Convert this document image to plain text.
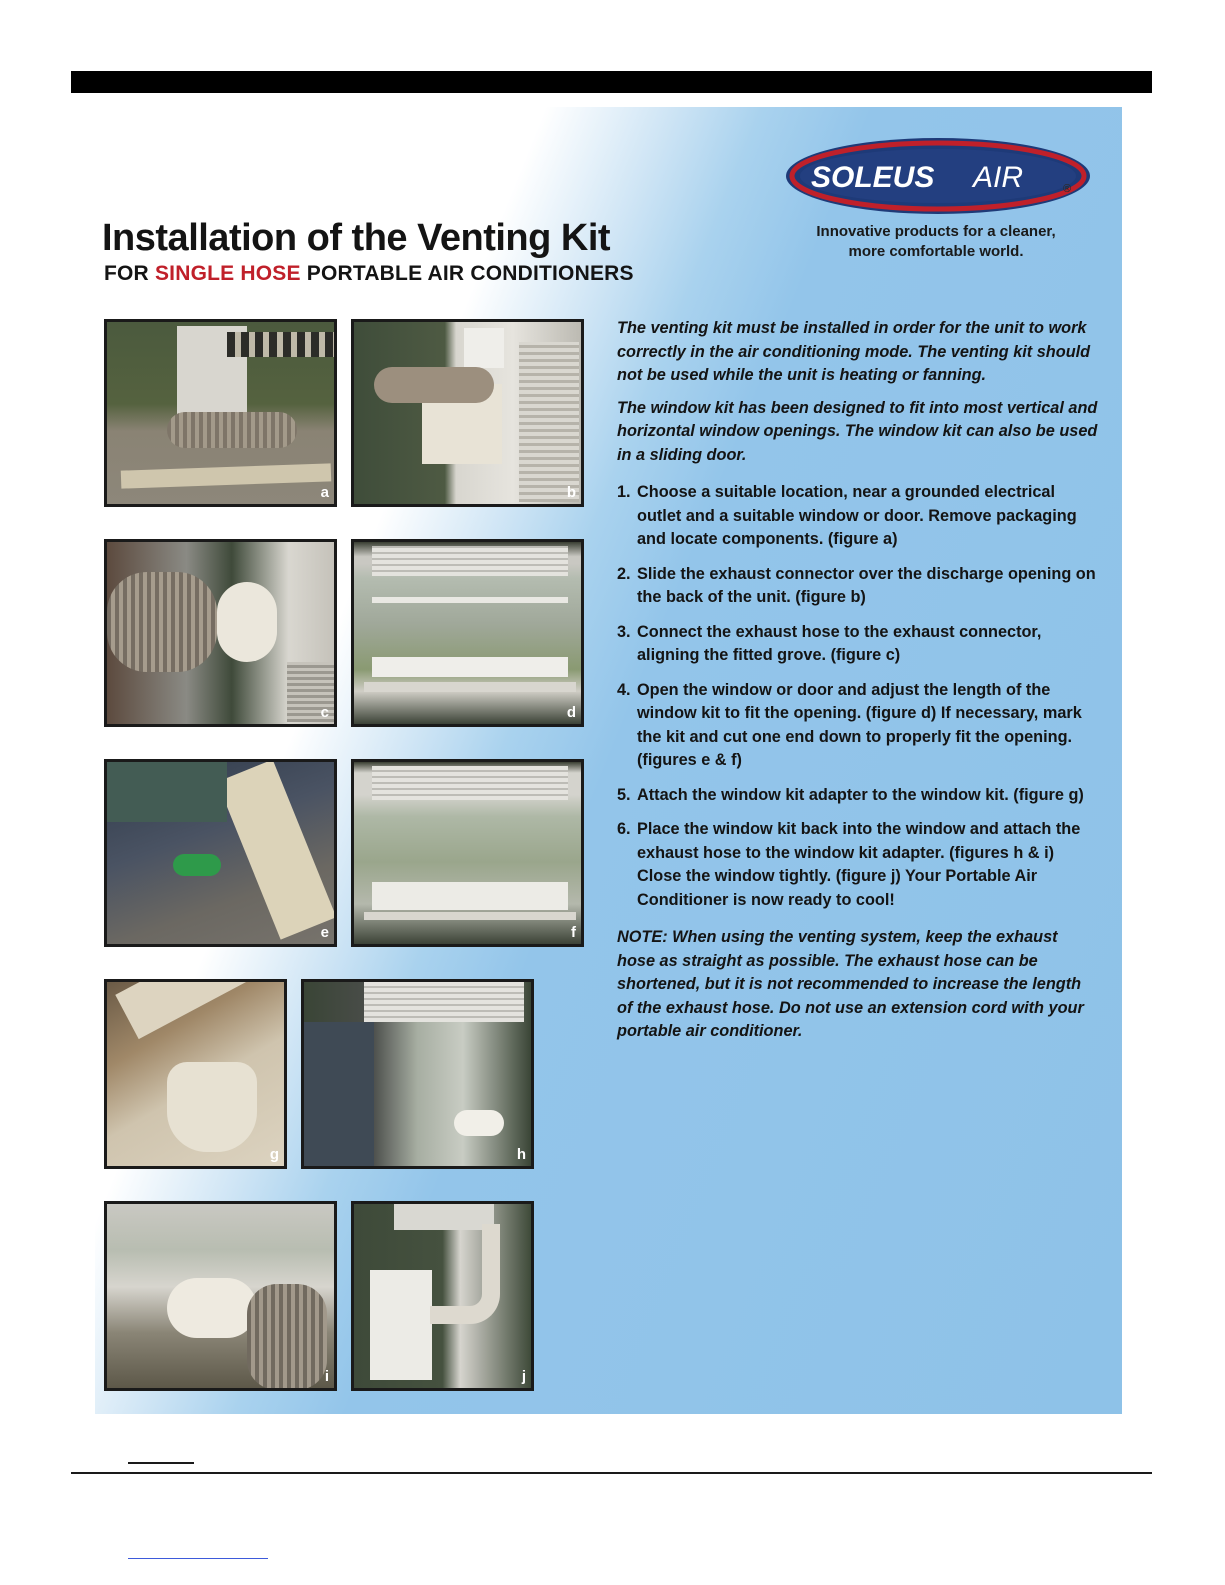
SOLEUS AIR	®
Innovative products for a cleaner,
more comfortable world.
Installation of the Venting Kit
FOR SINGLE HOSE PORTABLE AIR CONDITIONERS
a	b
c	d
e	f
g	h
i	j

The venting kit must be installed in order for the unit to work correctly in the air conditioning mode. The venting kit should not be used while the unit is heating or fanning.

The window kit has been designed to fit into most vertical and horizontal window openings. The window kit can also be used in a sliding door.

1. Choose a suitable location, near a grounded electrical outlet and a suitable window or door. Remove packaging and locate components. (figure a)
2. Slide the exhaust connector over the discharge opening on the back of the unit. (figure b)
3. Connect the exhaust hose to the exhaust connector, aligning the fitted grove. (figure c)
4. Open the window or door and adjust the length of the window kit to fit the opening. (figure d) If necessary, mark the kit and cut one end down to properly fit the opening. (figures e & f)
5. Attach the window kit adapter to the window kit. (figure g)
6. Place the window kit back into the window and attach the exhaust hose to the window kit adapter. (figures h & i) Close the window tightly. (figure j) Your Portable Air Conditioner is now ready to cool!

NOTE: When using the venting system, keep the exhaust hose as straight as possible. The exhaust hose can be shortened, but it is not recommended to increase the length of the exhaust hose. Do not use an extension cord with your portable air conditioner.
